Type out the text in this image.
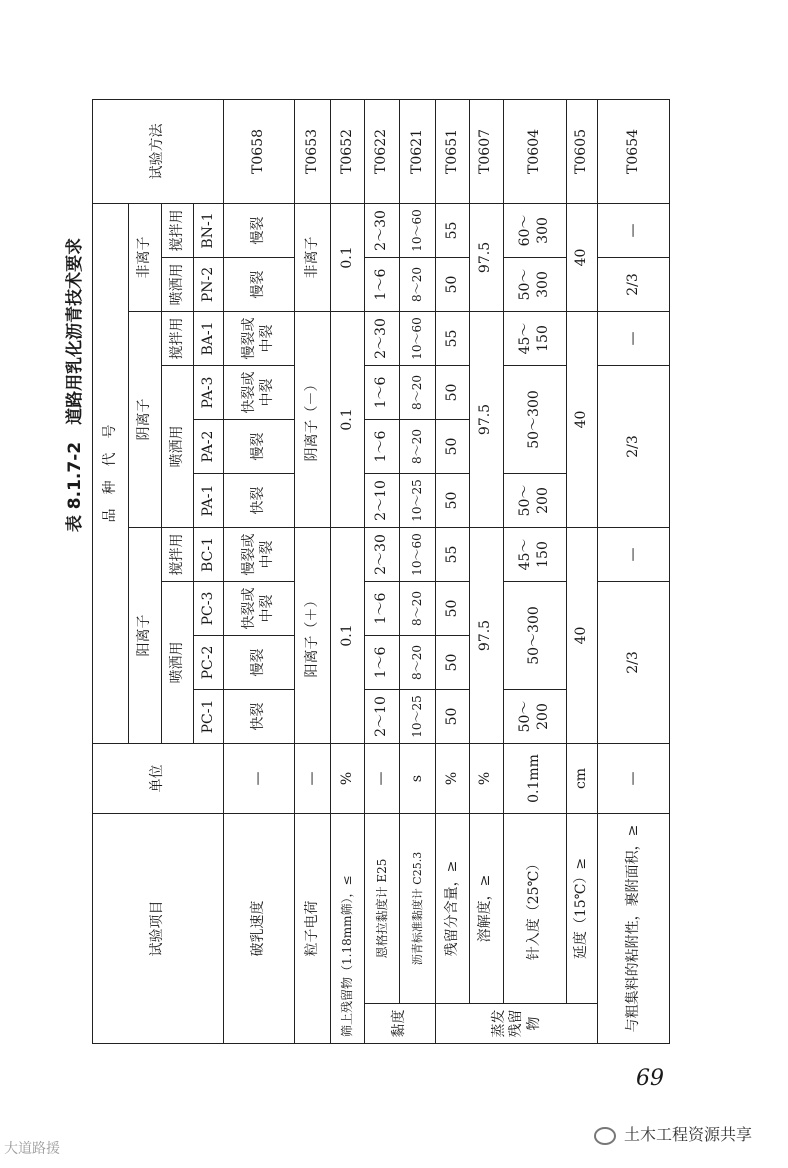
表 8.1.7-2　道路用乳化沥青技术要求
试验项目		单位	品　种　代　号										试验方法
			阳离子				阴离子				非离子		
			喷洒用			搅拌用	喷洒用			搅拌用	喷洒用	搅拌用	
			PC-1	PC-2	PC-3	BC-1	PA-1	PA-2	PA-3	BA-1	PN-2	BN-1	
破乳速度		—	快裂	慢裂	快裂或中裂	慢裂或中裂	快裂	慢裂	快裂或中裂	慢裂或中裂	慢裂	慢裂	T0658
粒子电荷		—	阳离子（＋）				阴离子（－）				非离子		T0653
筛上残留物（1.18mm筛），≤		%	0.1				0.1				0.1		T0652
黏度	恩格拉黏度计 E25	—	2～10	1～6	1～6	2～30	2～10	1～6	1～6	2～30	1～6	2～30	T0622
	沥青标准黏度计 C25.3	s	10～25	8～20	8～20	10～60	10～25	8～20	8～20	10～60	8～20	10～60	T0621
蒸发残留物	残留分含量，≥	%	50	50	50	55	50	50	50	55	50	55	T0651
	溶解度，≥	%	97.5				97.5				97.5		T0607
	针入度（25℃）	0.1mm	50～200	50～300		45～150	50～200	50～300		45～150	50～300	60～300	T0604
	延度（15℃）≥	cm	40				40				40		T0605
与粗集料的粘附性，裹附面积，≥		—	2/3			—	2/3			—	2/3	—	T0654
69
大道路援
土木工程资源共享
